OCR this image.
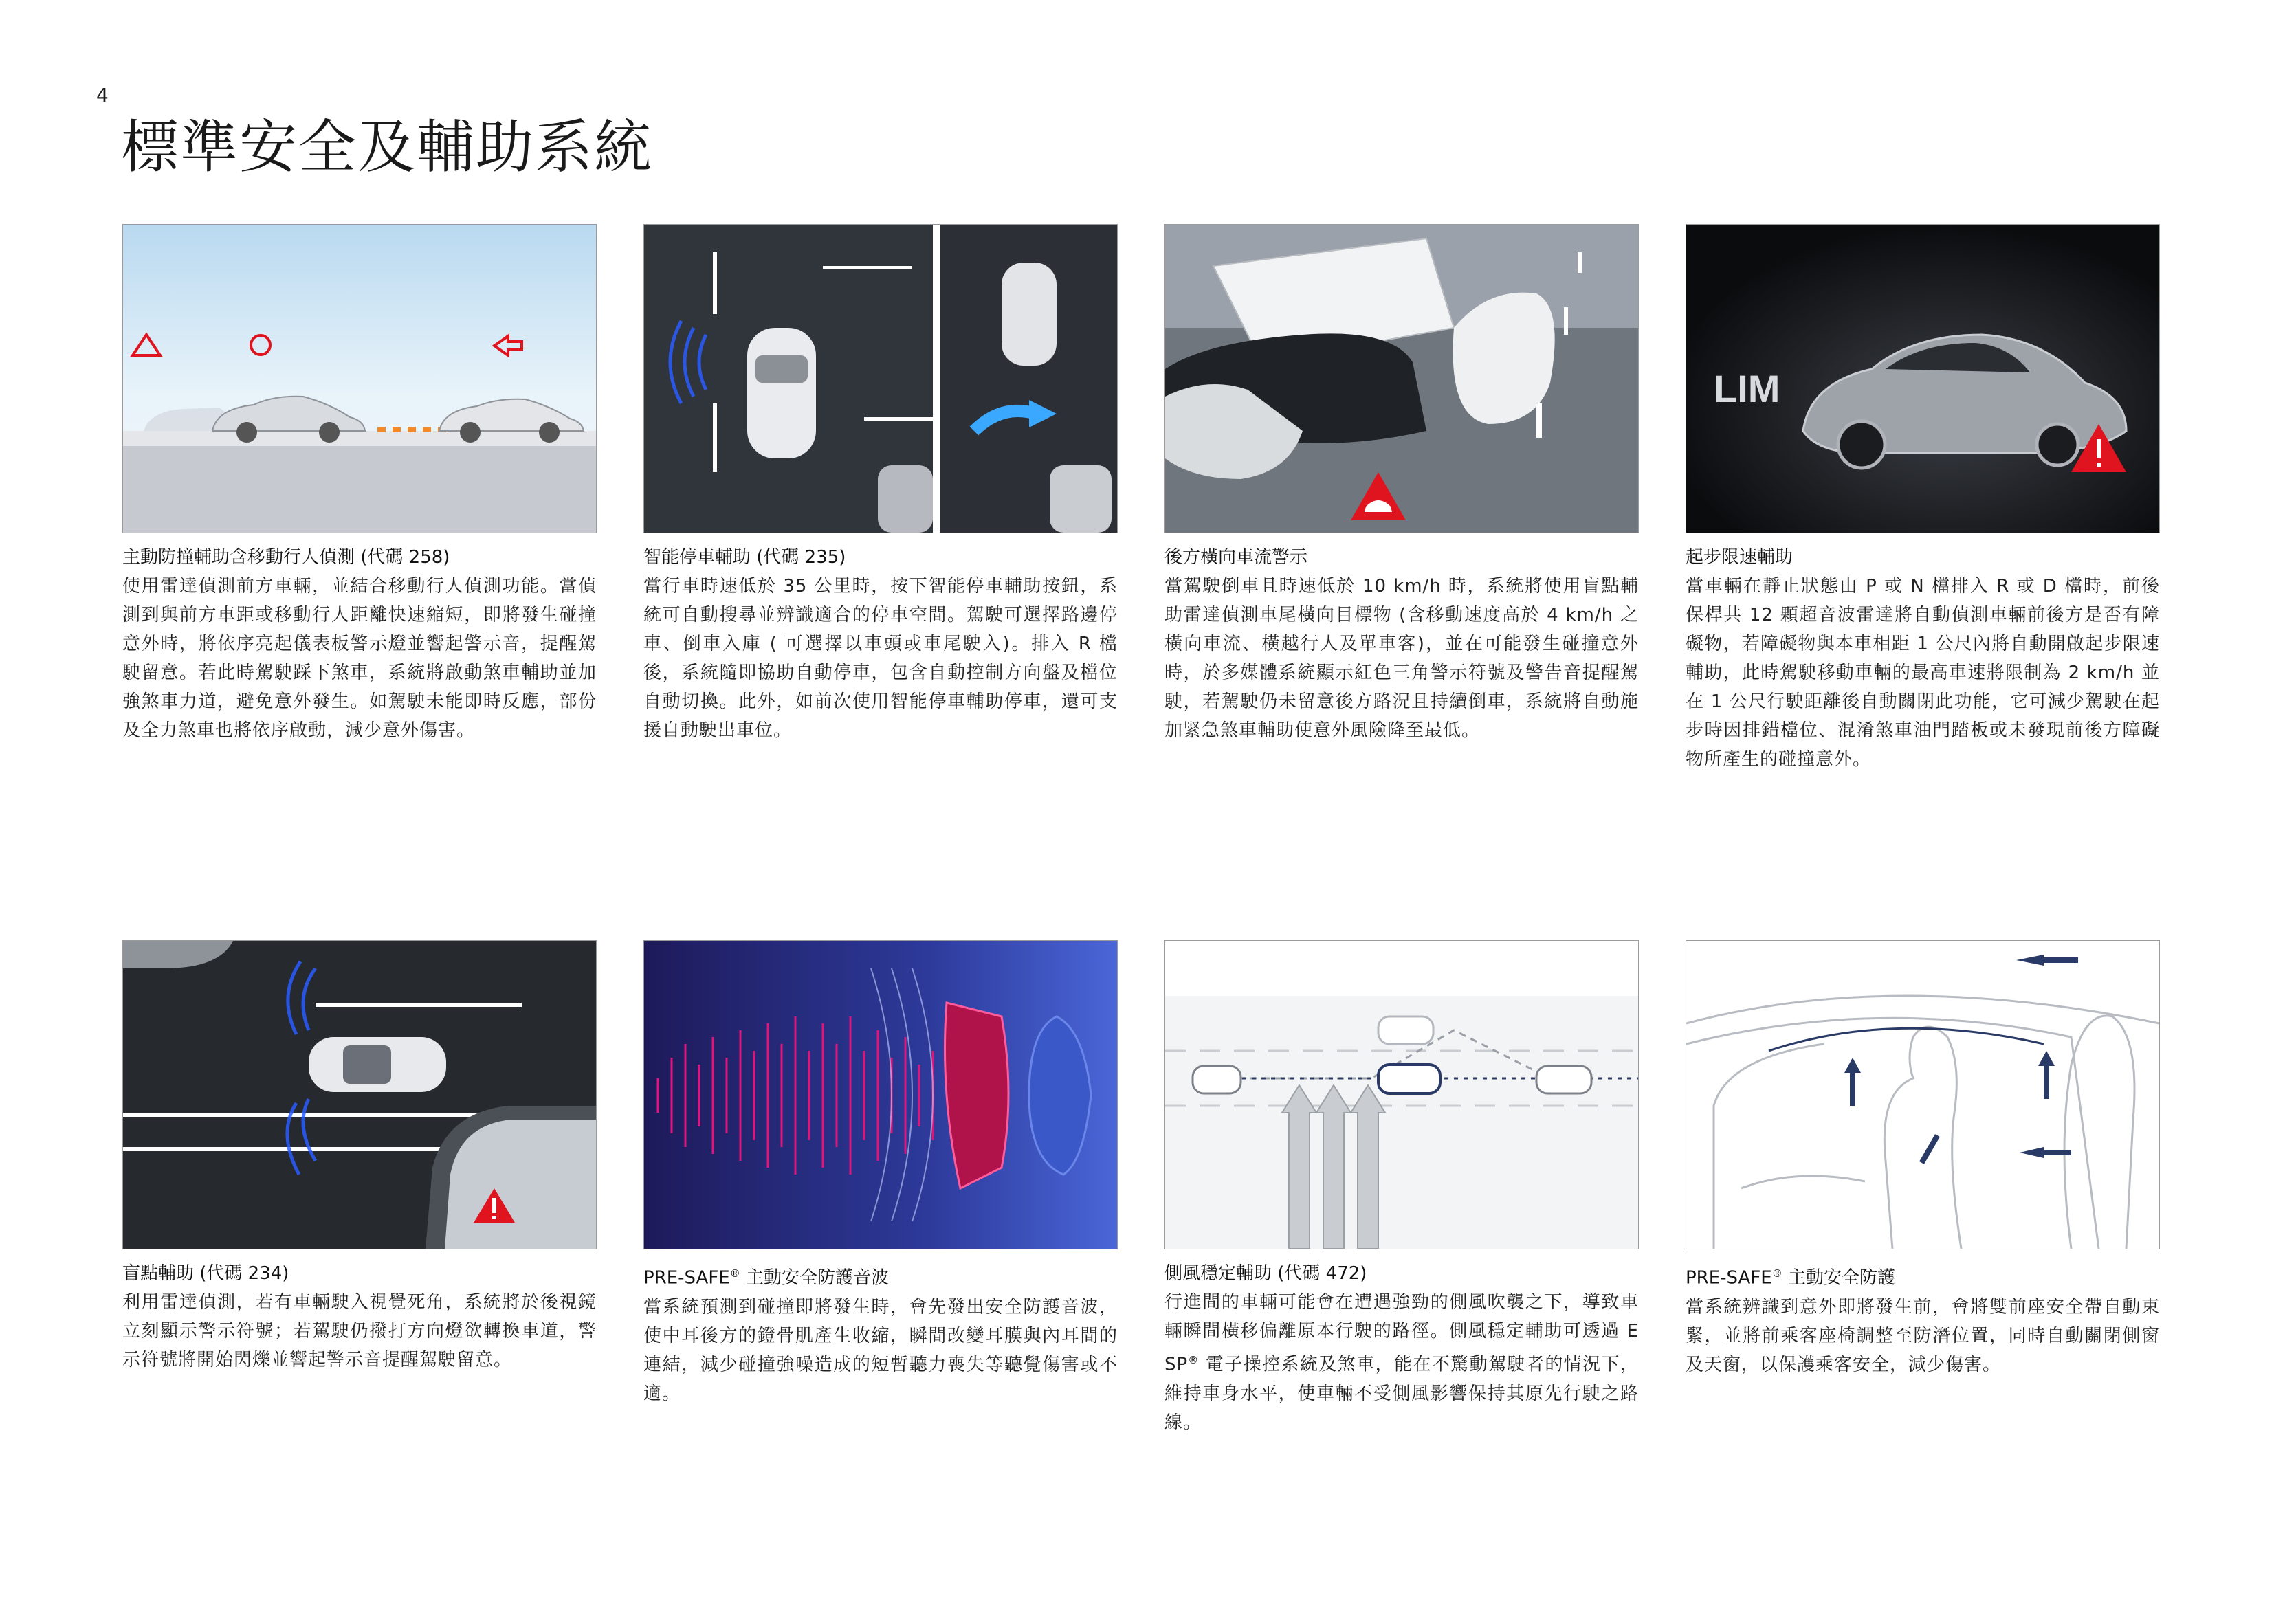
4
標準安全及輔助系統
主動防撞輔助含移動行人偵測 (代碼 258)
使用雷達偵測前方車輛，並結合移動行人偵測功能。當偵測到與前方車距或移動行人距離快速縮短，即將發生碰撞意外時，將依序亮起儀表板警示燈並響起警示音，提醒駕駛留意。若此時駕駛踩下煞車，系統將啟動煞車輔助並加強煞車力道，避免意外發生。如駕駛未能即時反應，部份及全力煞車也將依序啟動，減少意外傷害。
智能停車輔助 (代碼 235)
當行車時速低於 35 公里時，按下智能停車輔助按鈕，系統可自動搜尋並辨識適合的停車空間。駕駛可選擇路邊停車、倒車入庫 ( 可選擇以車頭或車尾駛入)。排入 R 檔後，系統隨即協助自動停車，包含自動控制方向盤及檔位自動切換。此外，如前次使用智能停車輔助停車，還可支援自動駛出車位。
後方橫向車流警示
當駕駛倒車且時速低於 10 km/h 時，系統將使用盲點輔助雷達偵測車尾橫向目標物 (含移動速度高於 4 km/h 之橫向車流、橫越行人及單車客)，並在可能發生碰撞意外時，於多媒體系統顯示紅色三角警示符號及警告音提醒駕駛，若駕駛仍未留意後方路況且持續倒車，系統將自動施加緊急煞車輔助使意外風險降至最低。
LIM
起步限速輔助
當車輛在靜止狀態由 P 或 N 檔排入 R 或 D 檔時，前後保桿共 12 顆超音波雷達將自動偵測車輛前後方是否有障礙物，若障礙物與本車相距 1 公尺內將自動開啟起步限速輔助，此時駕駛移動車輛的最高車速將限制為 2 km/h 並在 1 公尺行駛距離後自動關閉此功能，它可減少駕駛在起步時因排錯檔位、混淆煞車油門踏板或未發現前後方障礙物所產生的碰撞意外。
盲點輔助 (代碼 234)
利用雷達偵測，若有車輛駛入視覺死角，系統將於後視鏡立刻顯示警示符號；若駕駛仍撥打方向燈欲轉換車道，警示符號將開始閃爍並響起警示音提醒駕駛留意。
PRE-SAFE® 主動安全防護音波
當系統預測到碰撞即將發生時，會先發出安全防護音波，使中耳後方的鐙骨肌產生收縮，瞬間改變耳膜與內耳間的連結，減少碰撞強噪造成的短暫聽力喪失等聽覺傷害或不適。
側風穩定輔助 (代碼 472)
行進間的車輛可能會在遭遇強勁的側風吹襲之下，導致車輛瞬間橫移偏離原本行駛的路徑。側風穩定輔助可透過 ESP® 電子操控系統及煞車，能在不驚動駕駛者的情況下，維持車身水平，使車輛不受側風影響保持其原先行駛之路線。
PRE-SAFE® 主動安全防護
當系統辨識到意外即將發生前，會將雙前座安全帶自動束緊，並將前乘客座椅調整至防潛位置，同時自動關閉側窗及天窗，以保護乘客安全，減少傷害。
